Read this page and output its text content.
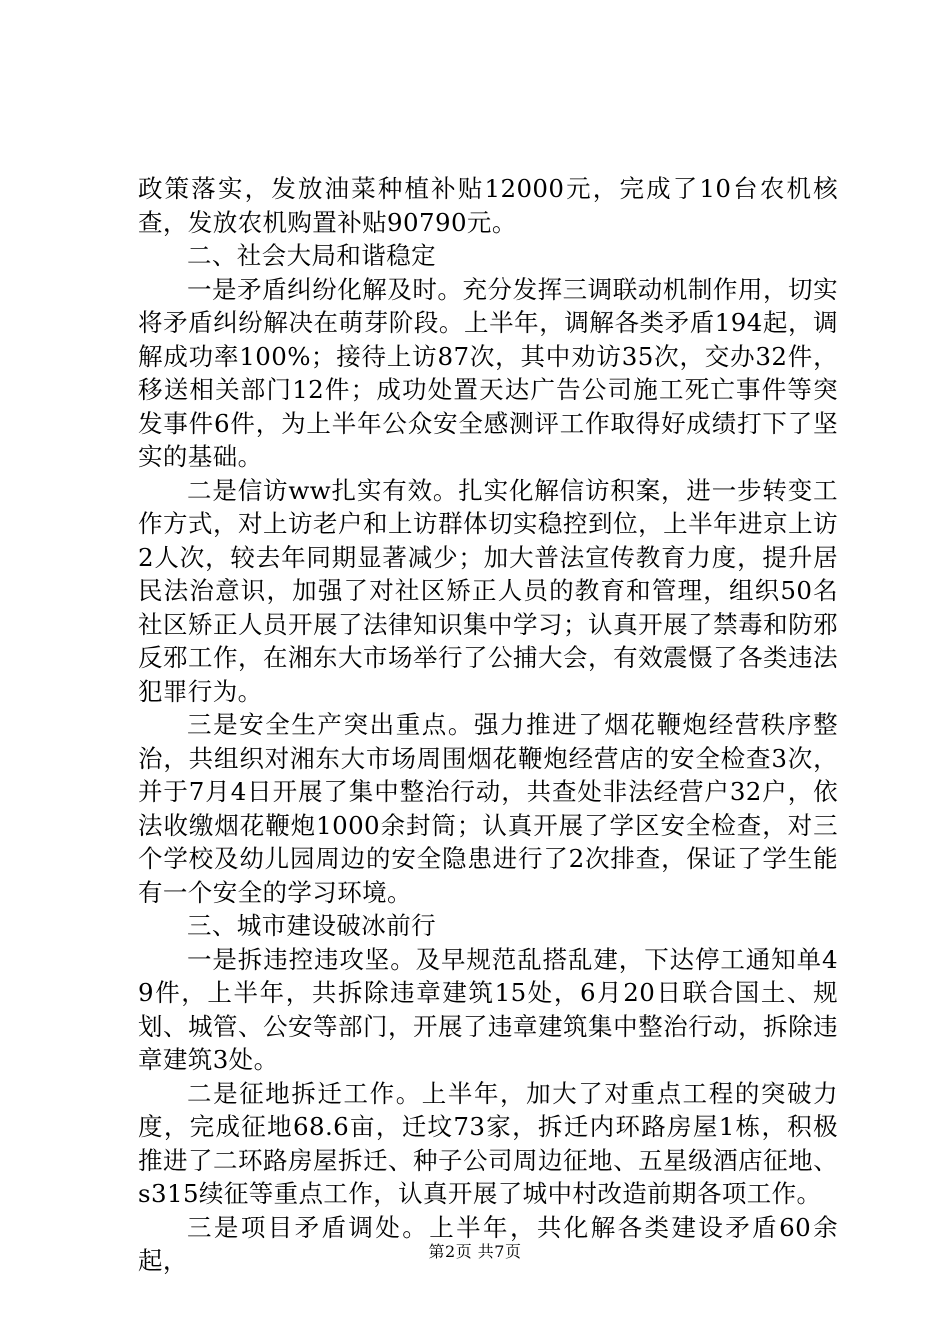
政策落实，发放油菜种植补贴12000元，完成了10台农机核查，发放农机购置补贴90790元。

二、社会大局和谐稳定

一是矛盾纠纷化解及时。充分发挥三调联动机制作用，切实将矛盾纠纷解决在萌芽阶段。上半年，调解各类矛盾194起，调解成功率100%；接待上访87次，其中劝访35次，交办32件，移送相关部门12件；成功处置天达广告公司施工死亡事件等突发事件6件，为上半年公众安全感测评工作取得好成绩打下了坚实的基础。

二是信访ww扎实有效。扎实化解信访积案，进一步转变工作方式，对上访老户和上访群体切实稳控到位，上半年进京上访2人次，较去年同期显著减少；加大普法宣传教育力度，提升居民法治意识，加强了对社区矫正人员的教育和管理，组织50名社区矫正人员开展了法律知识集中学习；认真开展了禁毒和防邪反邪工作，在湘东大市场举行了公捕大会，有效震慑了各类违法犯罪行为。

三是安全生产突出重点。强力推进了烟花鞭炮经营秩序整治，共组织对湘东大市场周围烟花鞭炮经营店的安全检查3次，并于7月4日开展了集中整治行动，共查处非法经营户32户，依法收缴烟花鞭炮1000余封筒；认真开展了学区安全检查，对三个学校及幼儿园周边的安全隐患进行了2次排查，保证了学生能有一个安全的学习环境。

三、城市建设破冰前行

一是拆违控违攻坚。及早规范乱搭乱建，下达停工通知单49件，上半年，共拆除违章建筑15处，6月20日联合国土、规划、城管、公安等部门，开展了违章建筑集中整治行动，拆除违章建筑3处。

二是征地拆迁工作。上半年，加大了对重点工程的突破力度，完成征地68.6亩，迁坟73家，拆迁内环路房屋1栋，积极推进了二环路房屋拆迁、种子公司周边征地、五星级酒店征地、s315续征等重点工作，认真开展了城中村改造前期各项工作。

三是项目矛盾调处。上半年，共化解各类建设矛盾60余起，	第2页 共7页
